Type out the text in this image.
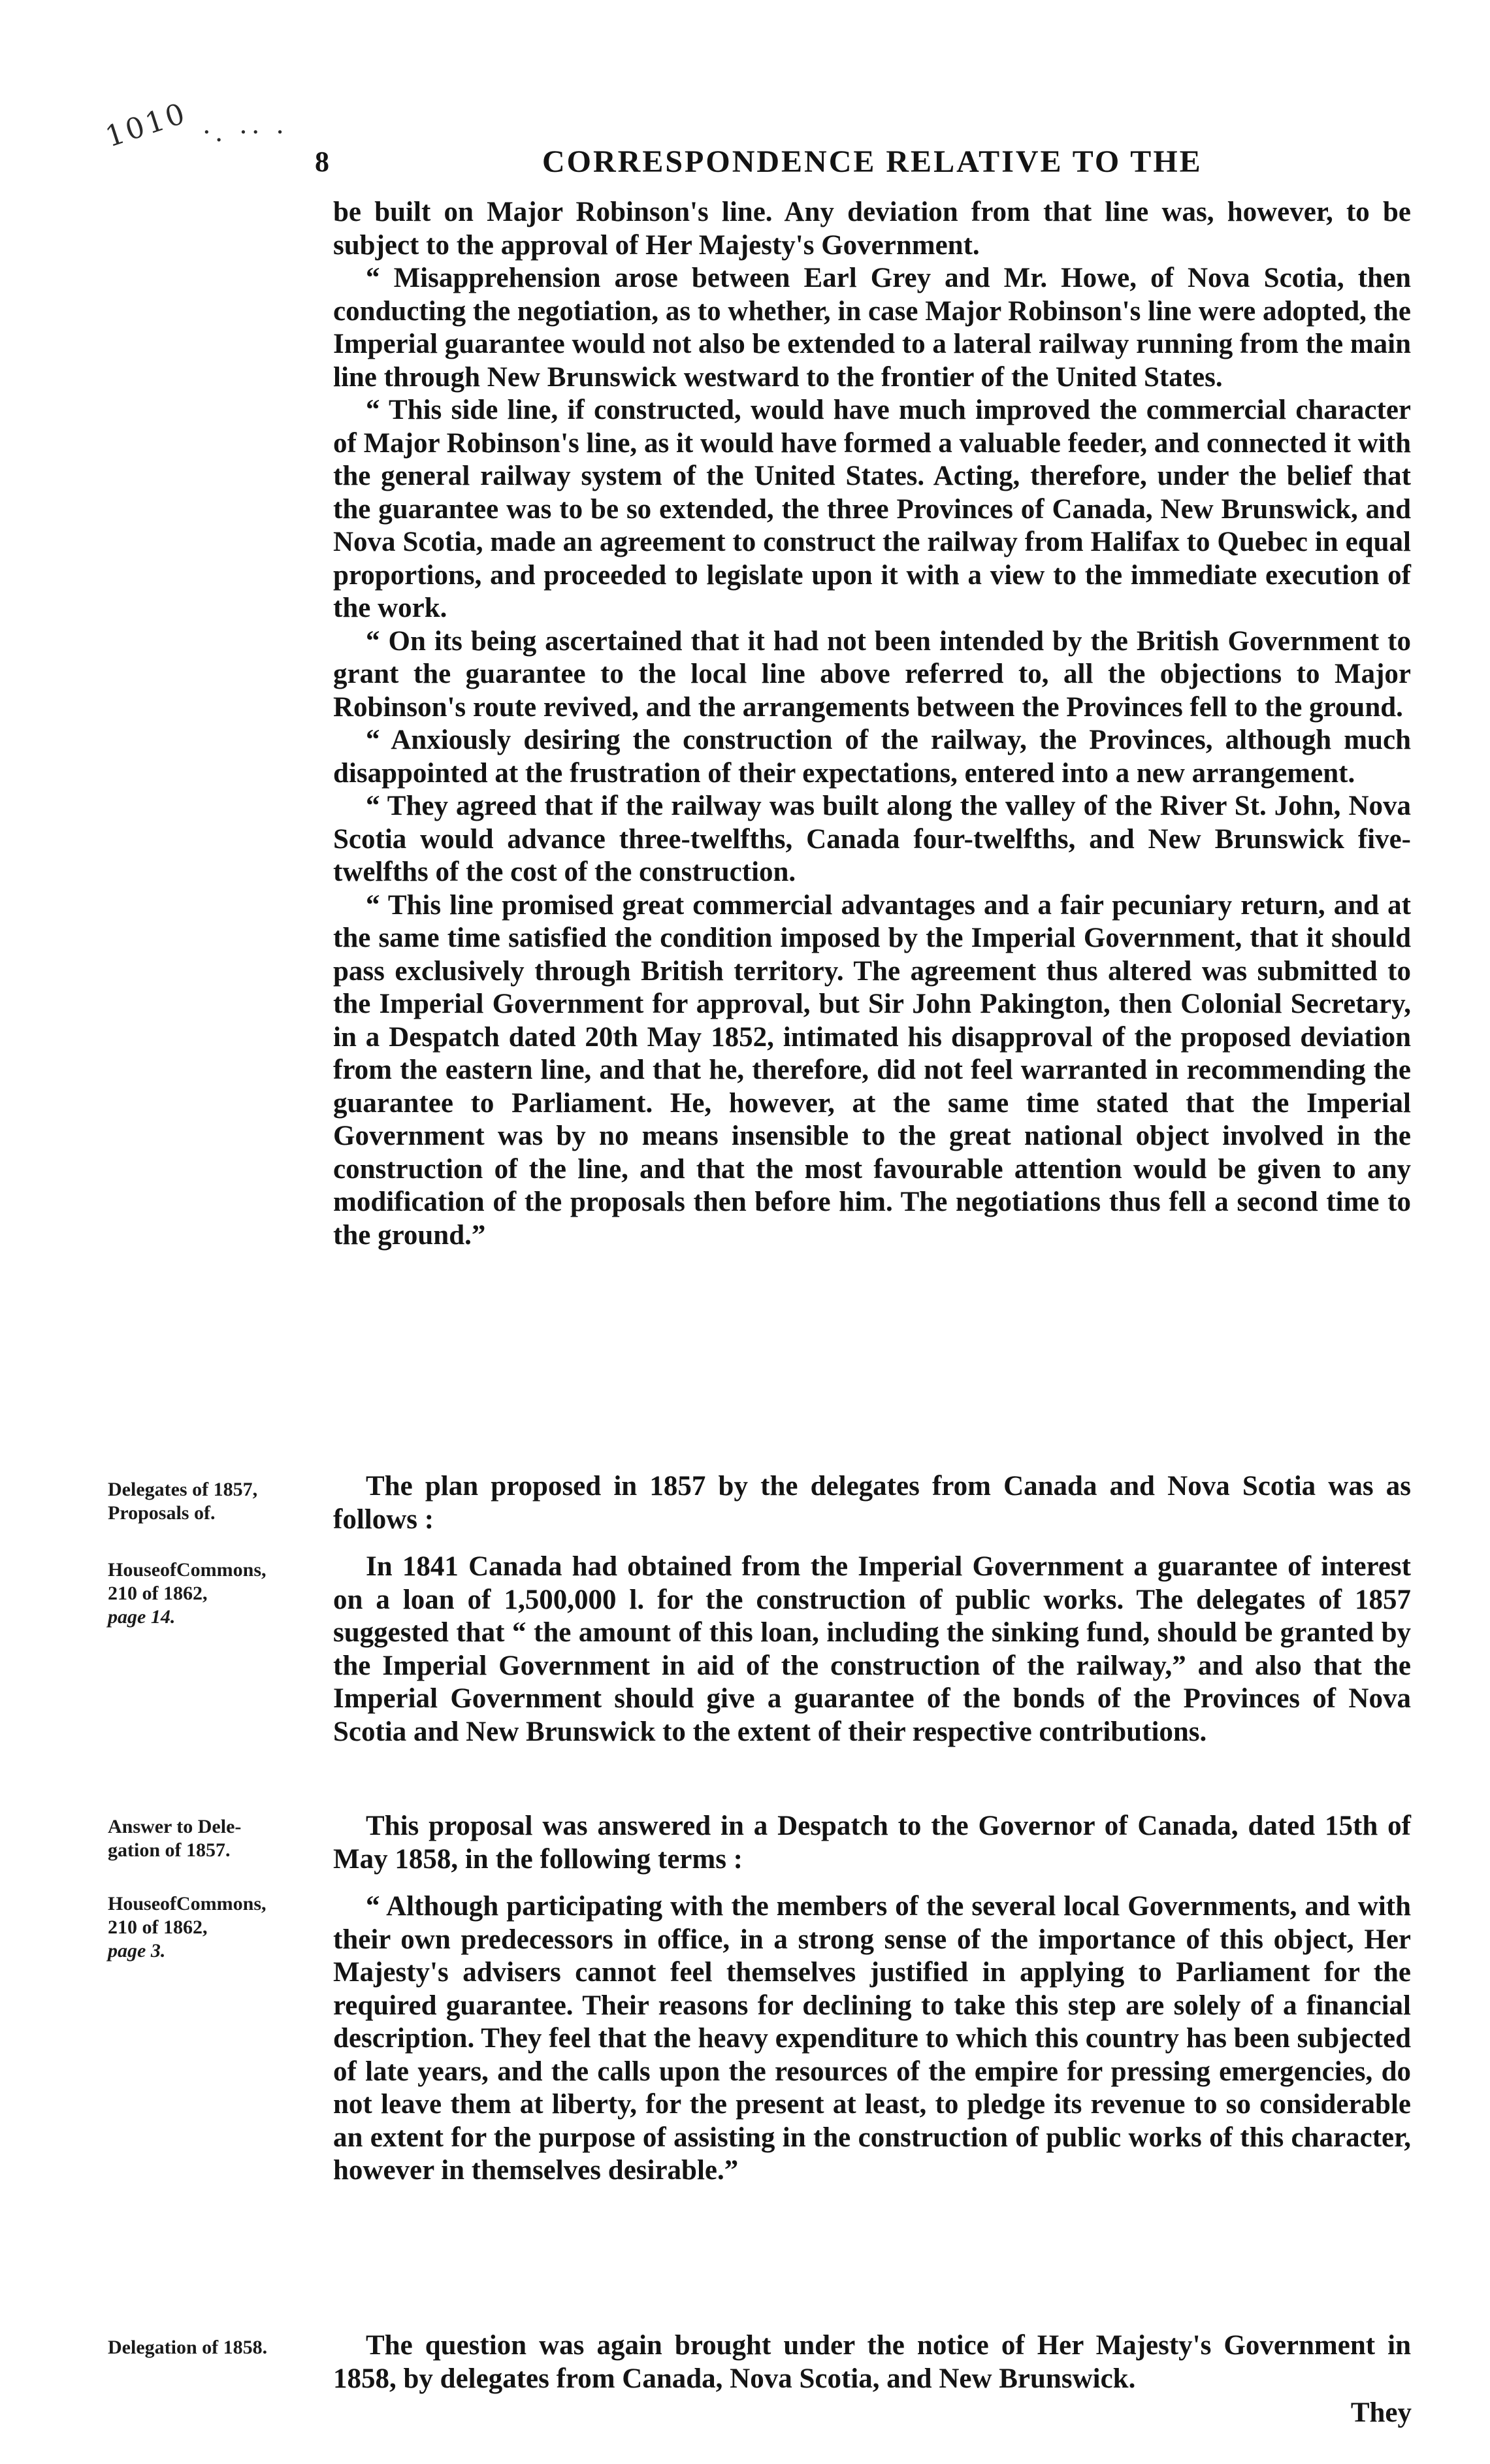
1010 ·. ·· ·
8	CORRESPONDENCE RELATIVE TO THE

be built on Major Robinson's line. Any deviation from that line was, however, to be subject to the approval of Her Majesty's Government.

“ Misapprehension arose between Earl Grey and Mr. Howe, of Nova Scotia, then conducting the negotiation, as to whether, in case Major Robinson's line were adopted, the Imperial guarantee would not also be extended to a lateral railway running from the main line through New Brunswick westward to the frontier of the United States.

“ This side line, if constructed, would have much improved the commercial character of Major Robinson's line, as it would have formed a valuable feeder, and connected it with the general railway system of the United States. Acting, therefore, under the belief that the guarantee was to be so extended, the three Provinces of Canada, New Brunswick, and Nova Scotia, made an agreement to construct the railway from Halifax to Quebec in equal proportions, and proceeded to legislate upon it with a view to the immediate execution of the work.

“ On its being ascertained that it had not been intended by the British Government to grant the guarantee to the local line above referred to, all the objections to Major Robinson's route revived, and the arrangements between the Provinces fell to the ground.

“ Anxiously desiring the construction of the railway, the Provinces, although much disappointed at the frustration of their expectations, entered into a new arrangement.

“ They agreed that if the railway was built along the valley of the River St. John, Nova Scotia would advance three-twelfths, Canada four-twelfths, and New Brunswick five-twelfths of the cost of the construction.

“ This line promised great commercial advantages and a fair pecuniary return, and at the same time satisfied the condition imposed by the Imperial Government, that it should pass exclusively through British territory. The agreement thus altered was submitted to the Imperial Government for approval, but Sir John Pakington, then Colonial Secretary, in a Despatch dated 20th May 1852, intimated his disapproval of the proposed deviation from the eastern line, and that he, therefore, did not feel warranted in recommending the guarantee to Parliament. He, however, at the same time stated that the Imperial Government was by no means insensible to the great national object involved in the construction of the line, and that the most favourable attention would be given to any modification of the proposals then before him. The negotiations thus fell a second time to the ground.”

Delegates of 1857,
Proposals of.
HouseofCommons,
210 of 1862,
page 14.
Answer to Dele-
gation of 1857.
HouseofCommons,
210 of 1862,
page 3.
Delegation of 1858.

The plan proposed in 1857 by the delegates from Canada and Nova Scotia was as follows :

In 1841 Canada had obtained from the Imperial Government a guarantee of interest on a loan of 1,500,000 l. for the construction of public works. The delegates of 1857 suggested that “ the amount of this loan, including the sinking fund, should be granted by the Imperial Government in aid of the construction of the railway,” and also that the Imperial Government should give a guarantee of the bonds of the Provinces of Nova Scotia and New Brunswick to the extent of their respective contributions.

This proposal was answered in a Despatch to the Governor of Canada, dated 15th of May 1858, in the following terms :

“ Although participating with the members of the several local Governments, and with their own predecessors in office, in a strong sense of the importance of this object, Her Majesty's advisers cannot feel themselves justified in applying to Parliament for the required guarantee. Their reasons for declining to take this step are solely of a financial description. They feel that the heavy expenditure to which this country has been subjected of late years, and the calls upon the resources of the empire for pressing emergencies, do not leave them at liberty, for the present at least, to pledge its revenue to so considerable an extent for the purpose of assisting in the construction of public works of this character, however in themselves desirable.”

The question was again brought under the notice of Her Majesty's Government in 1858, by delegates from Canada, Nova Scotia, and New Brunswick.

They
